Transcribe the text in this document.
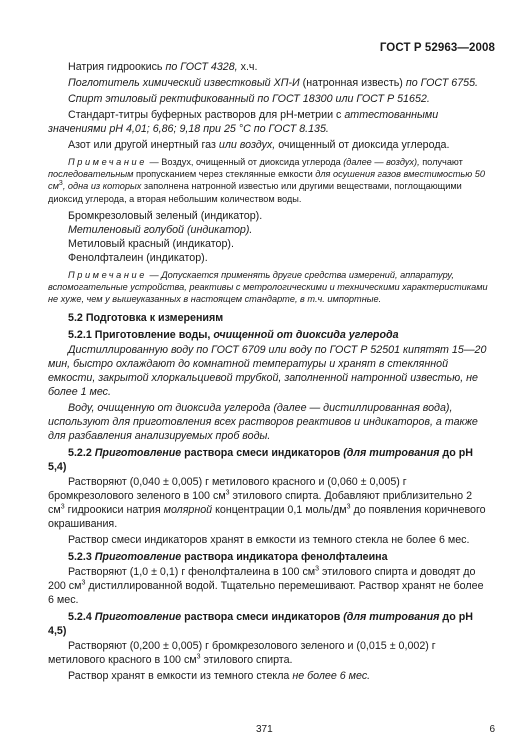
ГОСТ Р 52963—2008

Натрия гидроокись по ГОСТ 4328, х.ч.

Поглотитель химический известковый ХП-И (натронная известь) по ГОСТ 6755.

Спирт этиловый ректификованный по ГОСТ 18300 или ГОСТ Р 51652.

Стандарт-титры буферных растворов для pH-метрии с аттестованными значениями pH 4,01; 6,86; 9,18 при 25 °С по ГОСТ 8.135.

Азот или другой инертный газ или воздух, очищенный от диоксида углерода.

Примечание — Воздух, очищенный от диоксида углерода (далее — воздух), получают последовательным пропусканием через стеклянные емкости для осушения газов вместимостью 50 $см^3$, одна из которых заполнена натронной известью или другими веществами, поглощающими диоксид углерода, а вторая небольшим количеством воды.

Бромкрезоловый зеленый (индикатор).

Метиленовый голубой (индикатор).

Метиловый красный (индикатор).

Фенолфталеин (индикатор).

Примечание — Допускается применять другие средства измерений, аппаратуру, вспомогательные устройства, реактивы с метрологическими и техническими характеристиками не хуже, чем у вышеуказанных в настоящем стандарте, в т.ч. импортные.

5.2 Подготовка к измерениям

5.2.1 Приготовление воды, очищенной от диоксида углерода

Дистиллированную воду по ГОСТ 6709 или воду по ГОСТ Р 52501 кипятят 15—20 мин, быстро охлаждают до комнатной температуры и хранят в стеклянной емкости, закрытой хлоркальциевой трубкой, заполненной натронной известью, не более 1 мес.

Воду, очищенную от диоксида углерода (далее — дистиллированная вода), используют для приготовления всех растворов реактивов и индикаторов, а также для разбавления анализируемых проб воды.

5.2.2 Приготовление раствора смеси индикаторов (для титрования до pH 5,4)

Растворяют (0,040 ± 0,005) г метилового красного и (0,060 ± 0,005) г бромкрезолового зеленого в 100 $см^3$ этилового спирта. Добавляют приблизительно 2 $см^3$ гидроокиси натрия молярной концентрации 0,1 моль/$дм^3$ до появления коричневого окрашивания.

Раствор смеси индикаторов хранят в емкости из темного стекла не более 6 мес.

5.2.3 Приготовление раствора индикатора фенолфталеина

Растворяют (1,0 ± 0,1) г фенолфталеина в 100 $см^3$ этилового спирта и доводят до 200 $см^3$ дистиллированной водой. Тщательно перемешивают. Раствор хранят не более 6 мес.

5.2.4 Приготовление раствора смеси индикаторов (для титрования до pH 4,5)

Растворяют (0,200 ± 0,005) г бромкрезолового зеленого и (0,015 ± 0,002) г метилового красного в 100 $см^3$ этилового спирта.

Раствор хранят в емкости из темного стекла не более 6 мес.

371	6
